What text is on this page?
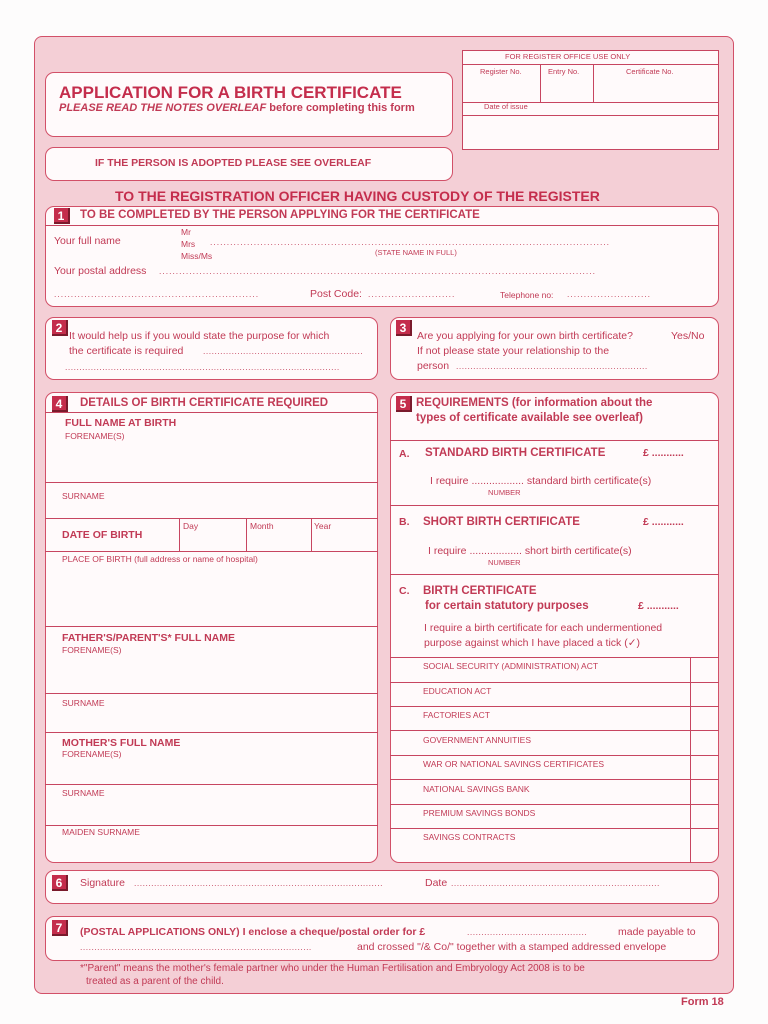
FOR REGISTER OFFICE USE ONLY
Register No.	Entry No.	Certificate No.
Date of issue
APPLICATION FOR A BIRTH CERTIFICATE
PLEASE READ THE NOTES OVERLEAF before completing this form
IF THE PERSON IS ADOPTED PLEASE SEE OVERLEAF
TO THE REGISTRATION OFFICER HAVING CUSTODY OF THE REGISTER
1	TO BE COMPLETED BY THE PERSON APPLYING FOR THE CERTIFICATE
Your full name
Mr
Mrs
Miss/Ms
.......................................................................................................................
(STATE NAME IN FULL)
Your postal address ..................................................................................................................................
.............................................................	Post Code: ..........................	Telephone no: .........................
2
It would help us if you would state the purpose for which
the certificate is required ........................................................
................................................................................................
3
Are you applying for your own birth certificate?	Yes/No
If not please state your relationship to the
person ...................................................................
4	DETAILS OF BIRTH CERTIFICATE REQUIRED
FULL NAME AT BIRTH
FORENAME(S)
SURNAME
DATE OF BIRTH
Day	Month	Year
PLACE OF BIRTH (full address or name of hospital)
FATHER'S/PARENT'S* FULL NAME
FORENAME(S)
SURNAME
MOTHER'S FULL NAME
FORENAME(S)
SURNAME
MAIDEN SURNAME
5 REQUIREMENTS (for information about the
types of certificate available see overleaf)
A. STANDARD BIRTH CERTIFICATE	£ ...........
I require .................. standard birth certificate(s)
NUMBER
B. SHORT BIRTH CERTIFICATE	£ ...........
I require .................. short birth certificate(s)
NUMBER
C. BIRTH CERTIFICATE
for certain statutory purposes	£ ...........
I require a birth certificate for each undermentioned
purpose against which I have placed a tick (✓)
SOCIAL SECURITY (ADMINISTRATION) ACT
EDUCATION ACT
FACTORIES ACT
GOVERNMENT ANNUITIES
WAR OR NATIONAL SAVINGS CERTIFICATES
NATIONAL SAVINGS BANK
PREMIUM SAVINGS BONDS
SAVINGS CONTRACTS
6	Signature .......................................................................................	Date .........................................................................
7	(POSTAL APPLICATIONS ONLY) I enclose a cheque/postal order for £	..........................................	made payable to
.................................................................................	and crossed "/& Co/" together with a stamped addressed envelope
*"Parent" means the mother's female partner who under the Human Fertilisation and Embryology Act 2008 is to be
treated as a parent of the child.
Form 18
